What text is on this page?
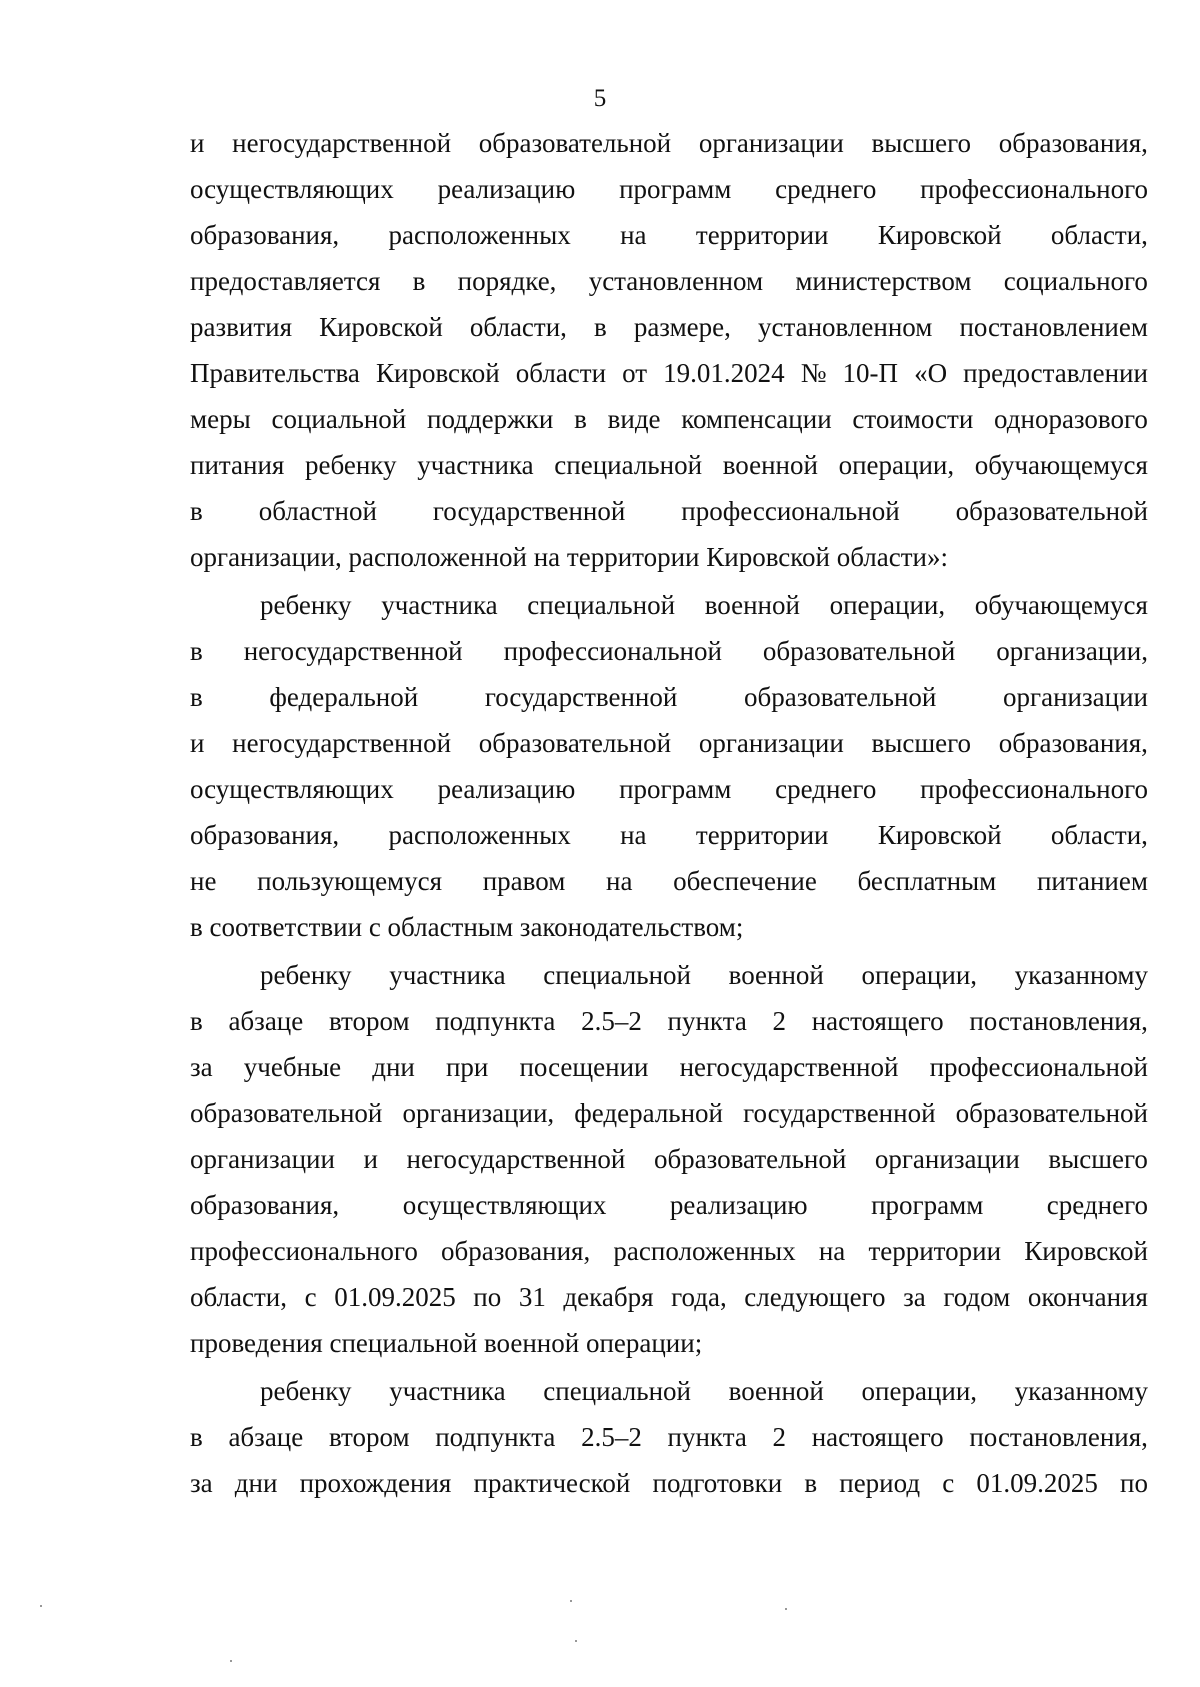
5
и негосударственной образовательной организации высшего образования,
осуществляющих реализацию программ среднего профессионального
образования, расположенных на территории Кировской области,
предоставляется в порядке, установленном министерством социального
развития Кировской области, в размере, установленном постановлением
Правительства Кировской области от 19.01.2024 № 10-П «О предоставлении
меры социальной поддержки в виде компенсации стоимости одноразового
питания ребенку участника специальной военной операции, обучающемуся
в областной государственной профессиональной образовательной
организации,
расположенной
на
территории
Кировской
области»:

ребенку участника специальной военной операции, обучающемуся
в негосударственной профессиональной образовательной организации,
в федеральной государственной образовательной организации
и негосударственной образовательной организации высшего образования,
осуществляющих реализацию программ среднего профессионального
образования, расположенных на территории Кировской области,
не пользующемуся правом на обеспечение бесплатным питанием
в
соответствии
с
областным
законодательством;

ребенку участника специальной военной операции, указанному
в абзаце втором подпункта 2.5–2 пункта 2 настоящего постановления,
за учебные дни при посещении негосударственной профессиональной
образовательной организации, федеральной государственной образовательной
организации и негосударственной образовательной организации высшего
образования, осуществляющих реализацию программ среднего
профессионального образования, расположенных на территории Кировской
области, с 01.09.2025 по 31 декабря года, следующего за годом окончания
проведения
специальной
военной
операции;

ребенку участника специальной военной операции, указанному
в абзаце втором подпункта 2.5–2 пункта 2 настоящего постановления,
за дни прохождения практической подготовки в период с 01.09.2025 по
